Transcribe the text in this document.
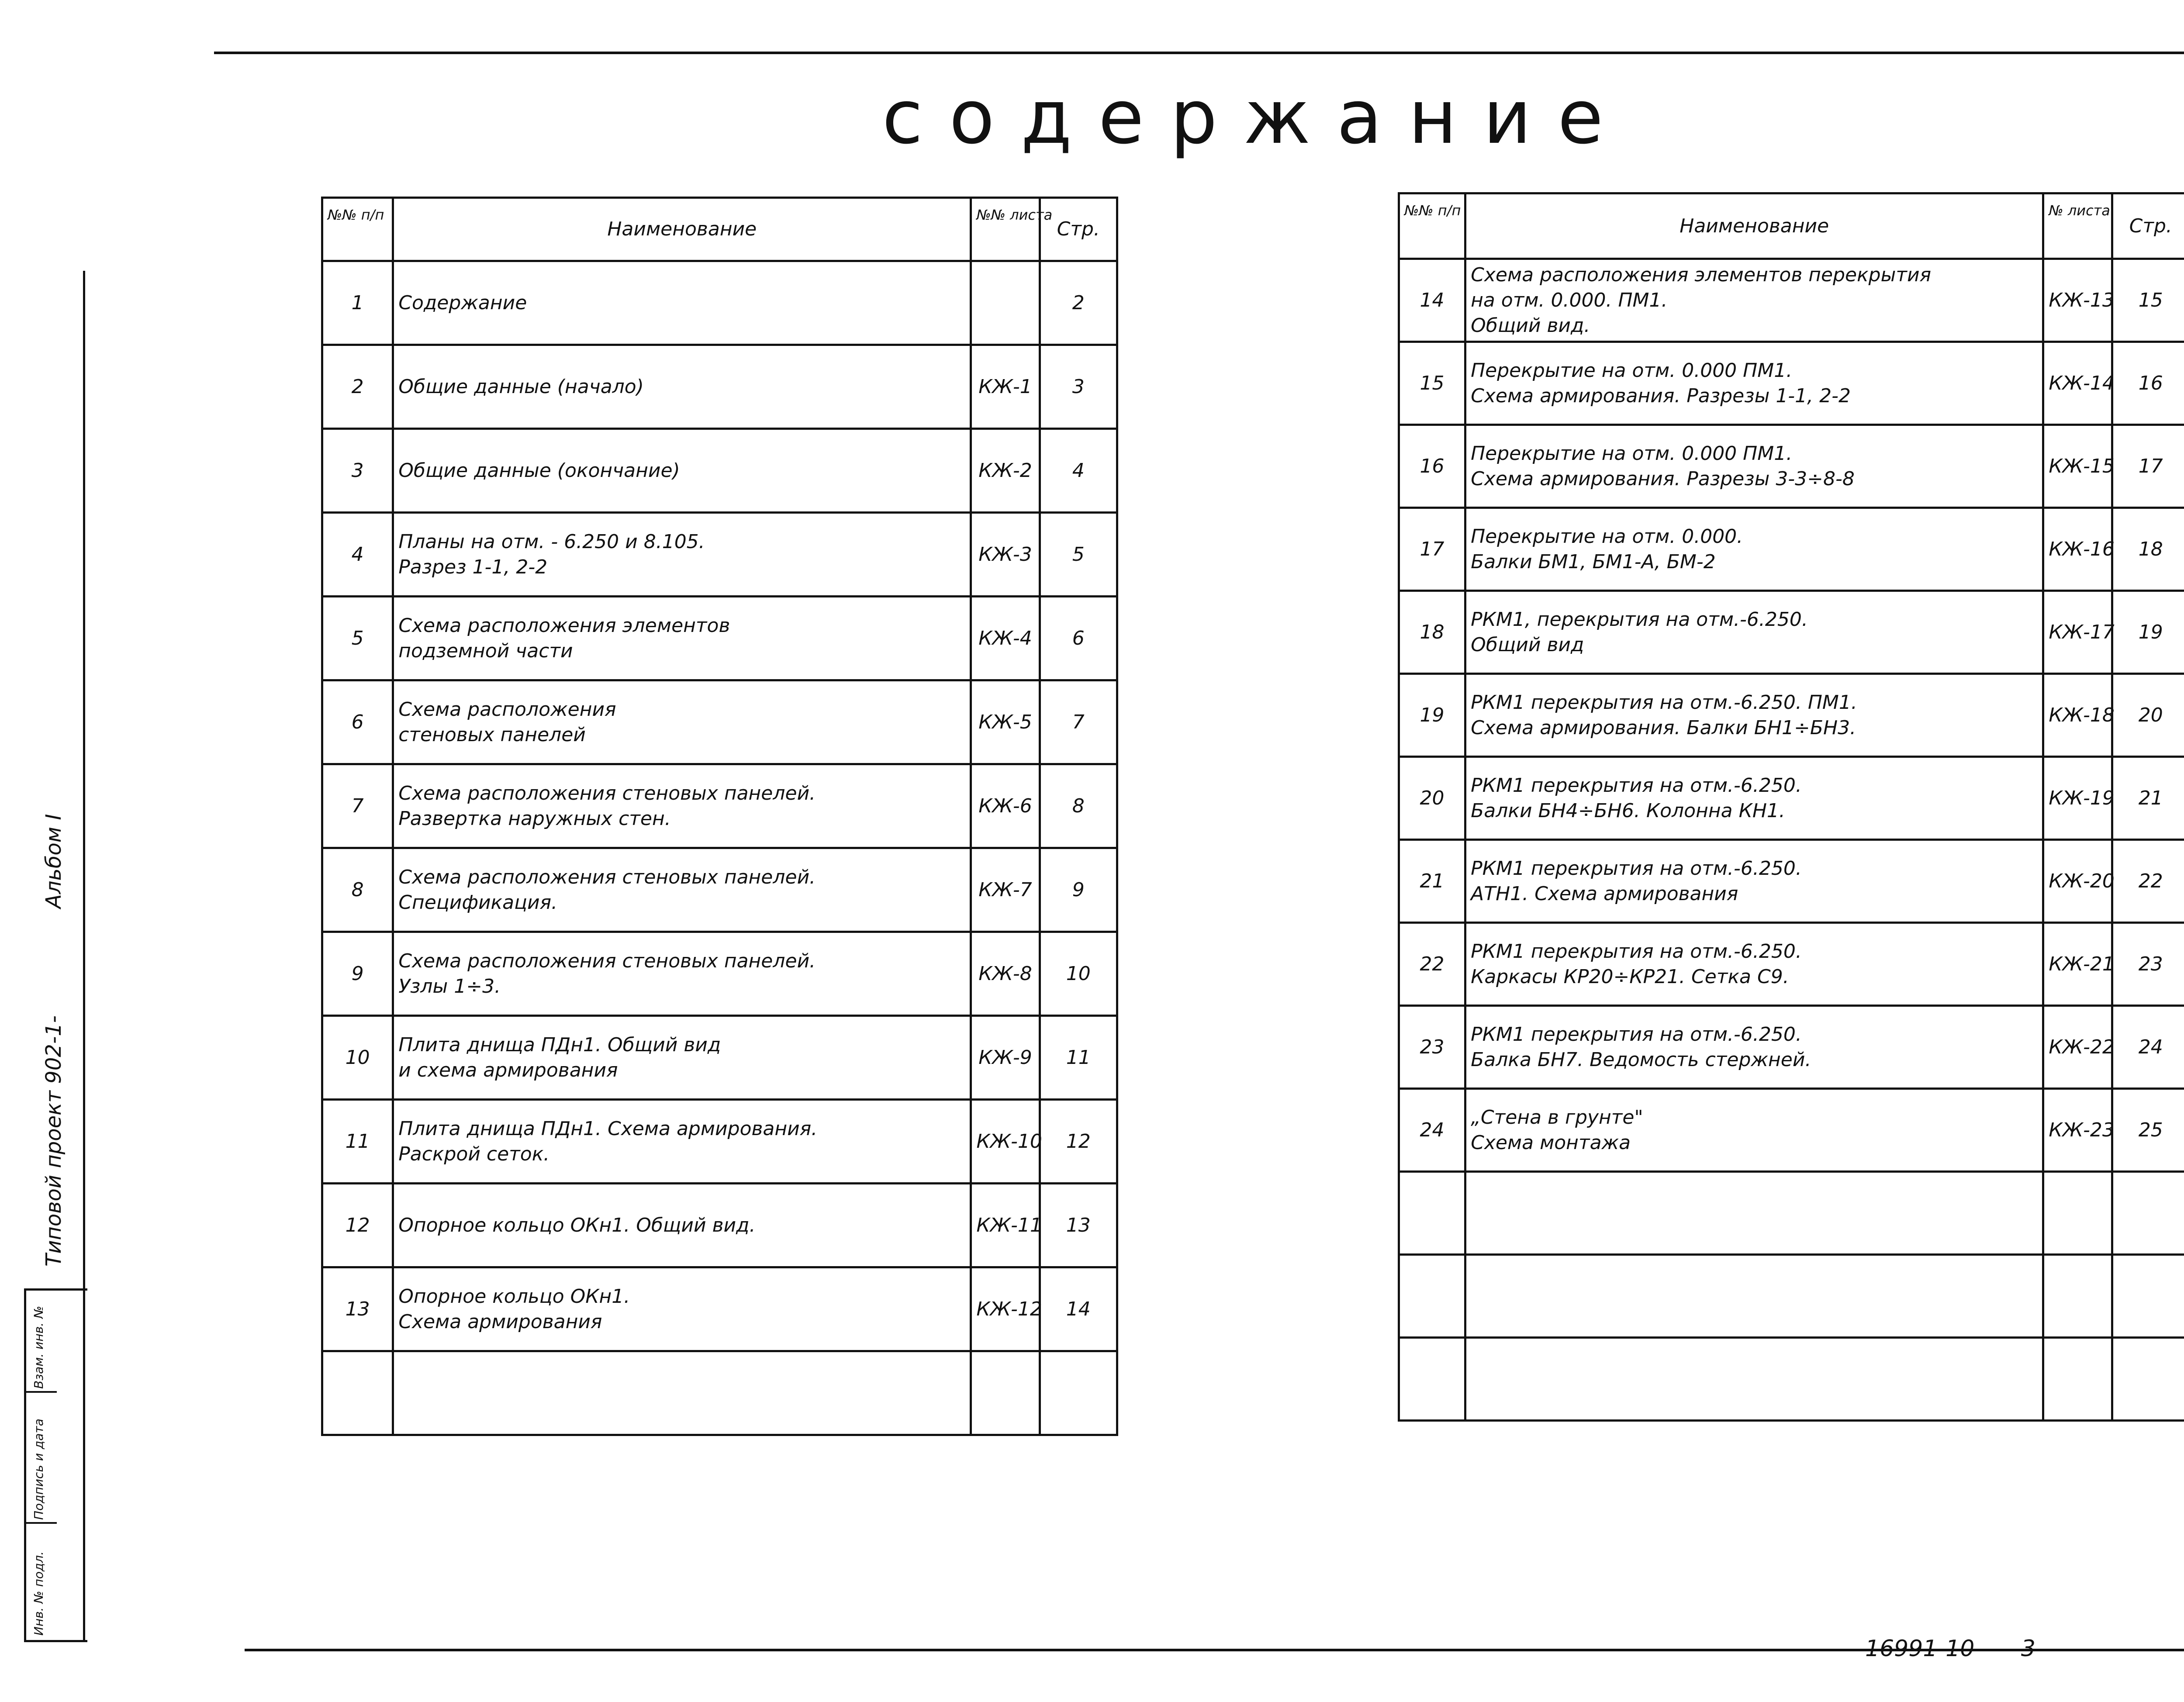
содержание
№№ п/п	Наименование	№№ листа	Стр.
1	Содержание		2
2	Общие данные (начало)	КЖ-1	3
3	Общие данные (окончание)	КЖ-2	4
4	Планы на отм. - 6.250 и 8.105.
Разрез 1-1, 2-2	КЖ-3	5
5	Схема расположения элементов
подземной части	КЖ-4	6
6	Схема расположения
стеновых панелей	КЖ-5	7
7	Схема расположения стеновых панелей.
Развертка наружных стен.	КЖ-6	8
8	Схема расположения стеновых панелей.
Спецификация.	КЖ-7	9
9	Схема расположения стеновых панелей.
Узлы 1÷3.	КЖ-8	10
10	Плита днища ПДн1. Общий вид
и схема армирования	КЖ-9	11
11	Плита днища ПДн1. Схема армирования.
Раскрой сеток.	КЖ-10	12
12	Опорное кольцо ОКн1. Общий вид.	КЖ-11	13
13	Опорное кольцо ОКн1.
Схема армирования	КЖ-12	14

№№ п/п	Наименование	№ листа	Стр.
14	Схема расположения элементов перекрытия
на отм. 0.000. ПМ1.
Общий вид.	КЖ-13	15
15	Перекрытие на отм. 0.000 ПМ1.
Схема армирования. Разрезы 1-1, 2-2	КЖ-14	16
16	Перекрытие на отм. 0.000 ПМ1.
Схема армирования. Разрезы 3-3÷8-8	КЖ-15	17
17	Перекрытие на отм. 0.000.
Балки БМ1, БМ1-А, БМ-2	КЖ-16	18
18	РКМ1, перекрытия на отм.-6.250.
Общий вид	КЖ-17	19
19	РКМ1 перекрытия на отм.-6.250. ПМ1.
Схема армирования. Балки БН1÷БН3.	КЖ-18	20
20	РКМ1 перекрытия на отм.-6.250.
Балки БН4÷БН6. Колонна КН1.	КЖ-19	21
21	РКМ1 перекрытия на отм.-6.250.
АТН1. Схема армирования	КЖ-20	22
22	РКМ1 перекрытия на отм.-6.250.
Каркасы КР20÷КР21. Сетка С9.	КЖ-21	23
23	РКМ1 перекрытия на отм.-6.250.
Балка БН7. Ведомость стержней.	КЖ-22	24
24	„Стена в грунте"
Схема монтажа	КЖ-23	25

Типовой проект 902-1-
Альбом I
Взам. инв. №
Подпись и дата
Инв. № подл.
16991-10 3
